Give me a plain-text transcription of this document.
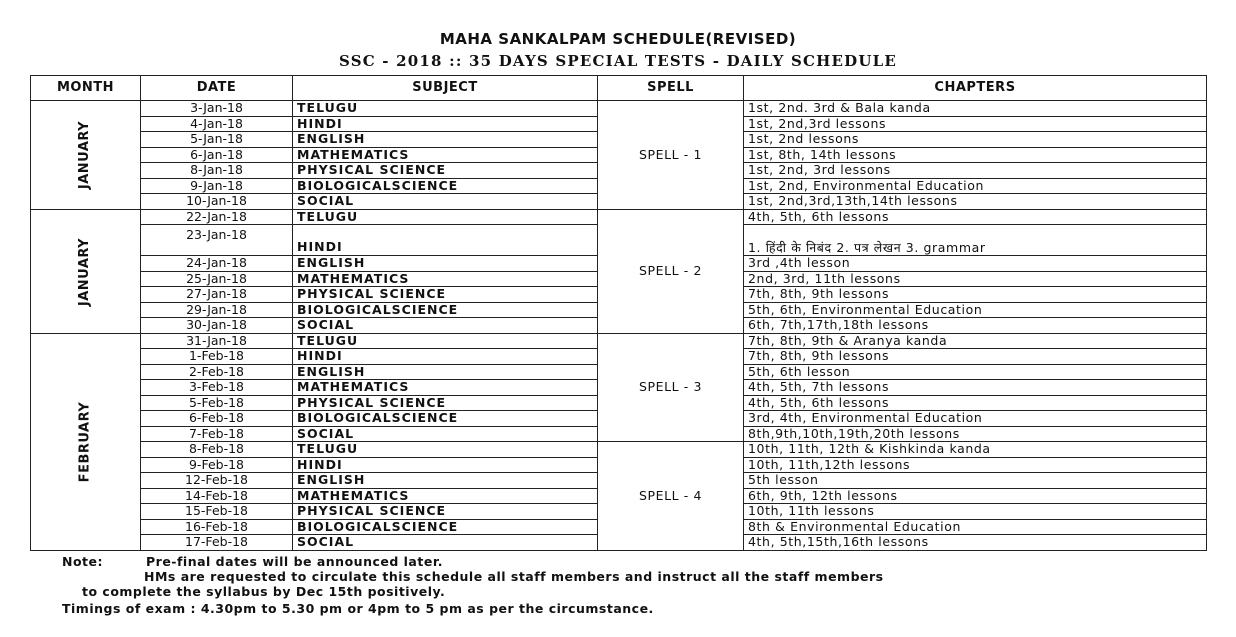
MAHA SANKALPAM SCHEDULE(REVISED)
SSC - 2018 :: 35 DAYS SPECIAL TESTS - DAILY SCHEDULE
MONTH	DATE	SUBJECT	SPELL	CHAPTERS
JANUARY	3-Jan-18	TELUGU	SPELL - 1	1st, 2nd. 3rd & Bala kanda
	4-Jan-18	HINDI		1st, 2nd,3rd lessons
	5-Jan-18	ENGLISH		1st, 2nd lessons
	6-Jan-18	MATHEMATICS		1st, 8th, 14th lessons
	8-Jan-18	PHYSICAL SCIENCE		1st, 2nd, 3rd lessons
	9-Jan-18	BIOLOGICALSCIENCE		1st, 2nd, Environmental Education
	10-Jan-18	SOCIAL		1st, 2nd,3rd,13th,14th lessons
JANUARY	22-Jan-18	TELUGU	SPELL - 2	4th, 5th, 6th lessons
	23-Jan-18	HINDI		1. हिंदी के निबंद 2. पत्र लेखन 3. grammar
	24-Jan-18	ENGLISH		3rd ,4th lesson
	25-Jan-18	MATHEMATICS		2nd, 3rd, 11th lessons
	27-Jan-18	PHYSICAL SCIENCE		7th, 8th, 9th lessons
	29-Jan-18	BIOLOGICALSCIENCE		5th, 6th, Environmental Education
	30-Jan-18	SOCIAL		6th, 7th,17th,18th lessons
FEBRUARY	31-Jan-18	TELUGU	SPELL - 3	7th, 8th, 9th & Aranya kanda
	1-Feb-18	HINDI		7th, 8th, 9th lessons
	2-Feb-18	ENGLISH		5th, 6th lesson
	3-Feb-18	MATHEMATICS		4th, 5th, 7th lessons
	5-Feb-18	PHYSICAL SCIENCE		4th, 5th, 6th lessons
	6-Feb-18	BIOLOGICALSCIENCE		3rd, 4th, Environmental Education
	7-Feb-18	SOCIAL		8th,9th,10th,19th,20th lessons
	8-Feb-18	TELUGU	SPELL - 4	10th, 11th, 12th & Kishkinda kanda
	9-Feb-18	HINDI		10th, 11th,12th lessons
	12-Feb-18	ENGLISH		5th lesson
	14-Feb-18	MATHEMATICS		6th, 9th, 12th lessons
	15-Feb-18	PHYSICAL SCIENCE		10th, 11th lessons
	16-Feb-18	BIOLOGICALSCIENCE		8th & Environmental Education
	17-Feb-18	SOCIAL		4th, 5th,15th,16th lessons
Note:	Pre-final dates will be announced later.
HMs are requested to circulate this schedule all staff members and instruct all the staff members
to complete the syllabus by Dec 15th positively.
Timings of exam : 4.30pm to 5.30 pm or 4pm to 5 pm as per the circumstance.
